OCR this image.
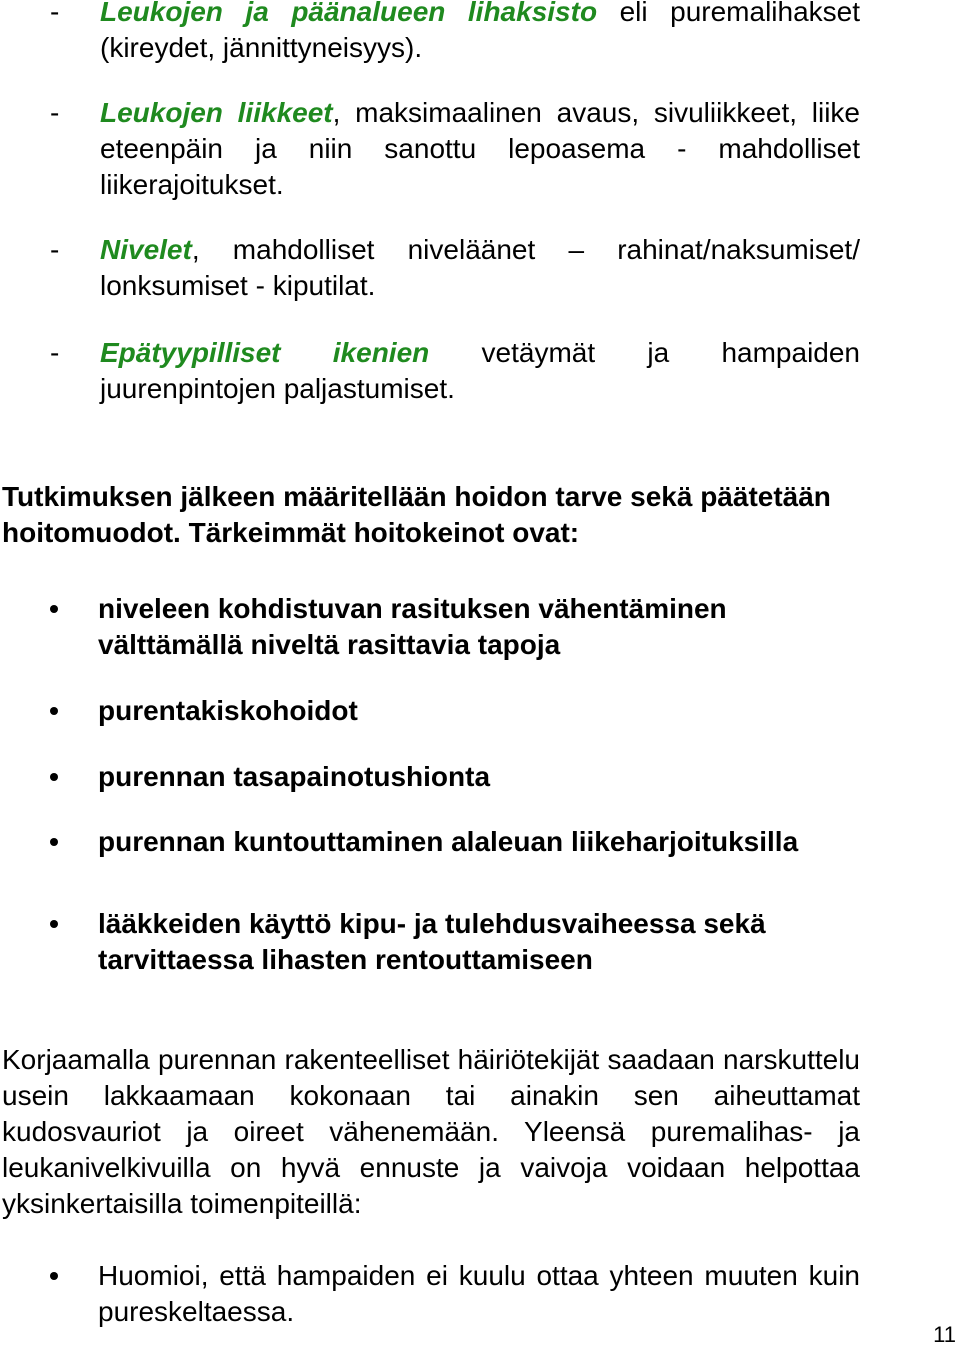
-	Leukojen ja päänalueen lihaksisto eli puremalihakset (kireydet, jännittyneisyys).
-	Leukojen liikkeet, maksimaalinen avaus, sivuliikkeet, liike eteenpäin ja niin sanottu lepoasema - mahdolliset liikerajoitukset.
-	Nivelet, mahdolliset niveläänet – rahinat/naksumiset/ lonksumiset - kiputilat.
-	Epätyypilliset ikenien vetäymät ja hampaiden juurenpintojen paljastumiset.
Tutkimuksen jälkeen määritellään hoidon tarve sekä päätetään hoitomuodot. Tärkeimmät hoitokeinot ovat:
niveleen kohdistuvan rasituksen vähentäminen välttämällä niveltä rasittavia tapoja
purentakiskohoidot
purennan tasapainotushionta
purennan kuntouttaminen alaleuan liikeharjoituksilla
lääkkeiden käyttö kipu- ja tulehdusvaiheessa sekä tarvittaessa lihasten rentouttamiseen
Korjaamalla purennan rakenteelliset häiriötekijät saadaan narskuttelu usein lakkaamaan kokonaan tai ainakin sen aiheuttamat kudosvauriot ja oireet vähenemään. Yleensä puremalihas- ja leukanivelkivuilla on hyvä ennuste ja vaivoja voidaan helpottaa yksinkertaisilla toimenpiteillä:
Huomioi, että hampaiden ei kuulu ottaa yhteen muuten kuin pureskeltaessa.
11
